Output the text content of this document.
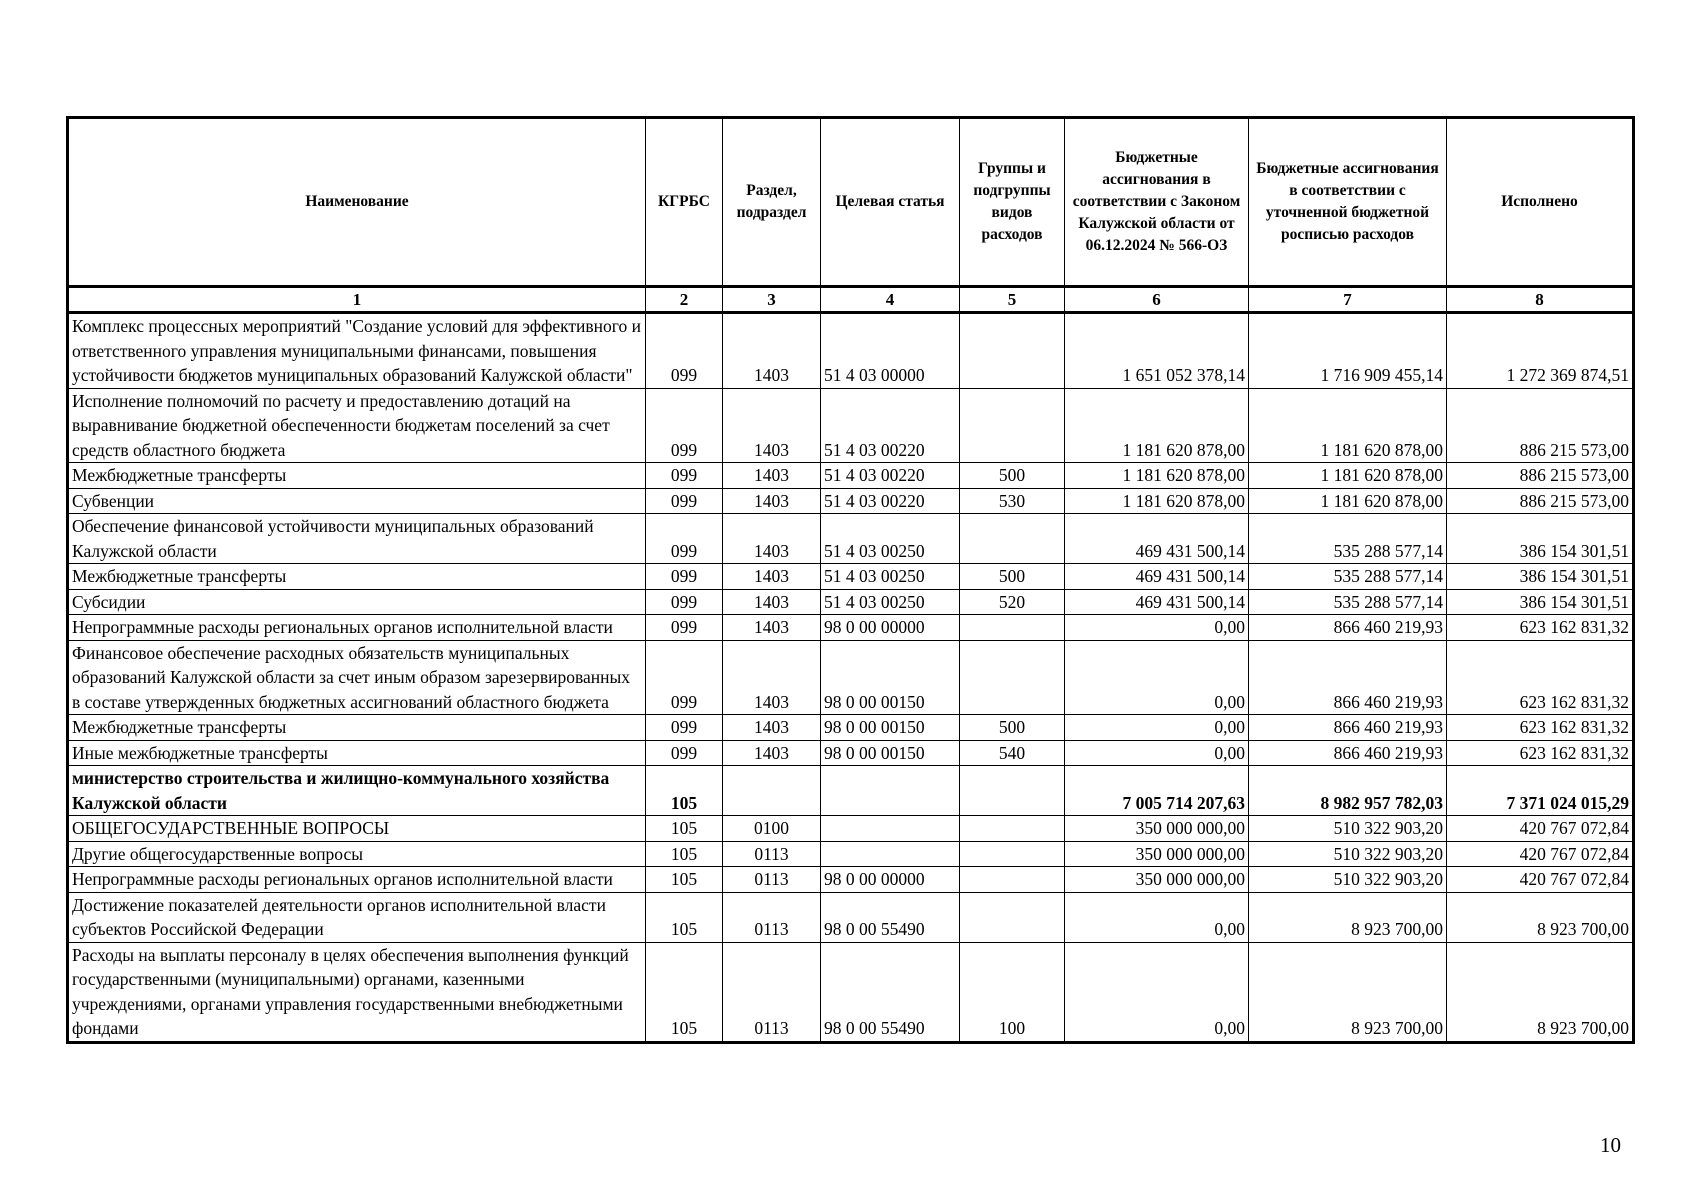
Наименование	КГРБС	Раздел, подраздел	Целевая статья	Группы и подгруппы видов расходов	Бюджетные ассигнования в соответствии с Законом Калужской области от 06.12.2024 № 566-ОЗ	Бюджетные ассигнования в соответствии с уточненной бюджетной росписью расходов	Исполнено
1	2	3	4	5	6	7	8
Комплекс процессных мероприятий "Создание условий для эффективного и ответственного управления муниципальными финансами, повышения устойчивости бюджетов муниципальных образований Калужской области"	099	1403	51 4 03 00000		1 651 052 378,14	1 716 909 455,14	1 272 369 874,51
Исполнение полномочий по расчету и предоставлению дотаций на выравнивание бюджетной обеспеченности бюджетам поселений за счет средств областного бюджета	099	1403	51 4 03 00220		1 181 620 878,00	1 181 620 878,00	886 215 573,00
Межбюджетные трансферты	099	1403	51 4 03 00220	500	1 181 620 878,00	1 181 620 878,00	886 215 573,00
Субвенции	099	1403	51 4 03 00220	530	1 181 620 878,00	1 181 620 878,00	886 215 573,00
Обеспечение финансовой устойчивости муниципальных образований Калужской области	099	1403	51 4 03 00250		469 431 500,14	535 288 577,14	386 154 301,51
Межбюджетные трансферты	099	1403	51 4 03 00250	500	469 431 500,14	535 288 577,14	386 154 301,51
Субсидии	099	1403	51 4 03 00250	520	469 431 500,14	535 288 577,14	386 154 301,51
Непрограммные расходы региональных органов исполнительной власти	099	1403	98 0 00 00000		0,00	866 460 219,93	623 162 831,32
Финансовое обеспечение расходных обязательств муниципальных образований Калужской области за счет иным образом зарезервированных в составе утвержденных бюджетных ассигнований областного бюджета	099	1403	98 0 00 00150		0,00	866 460 219,93	623 162 831,32
Межбюджетные трансферты	099	1403	98 0 00 00150	500	0,00	866 460 219,93	623 162 831,32
Иные межбюджетные трансферты	099	1403	98 0 00 00150	540	0,00	866 460 219,93	623 162 831,32
министерство строительства и жилищно-коммунального хозяйства Калужской области	105				7 005 714 207,63	8 982 957 782,03	7 371 024 015,29
ОБЩЕГОСУДАРСТВЕННЫЕ ВОПРОСЫ	105	0100			350 000 000,00	510 322 903,20	420 767 072,84
Другие общегосударственные вопросы	105	0113			350 000 000,00	510 322 903,20	420 767 072,84
Непрограммные расходы региональных органов исполнительной власти	105	0113	98 0 00 00000		350 000 000,00	510 322 903,20	420 767 072,84
Достижение показателей деятельности органов исполнительной власти субъектов Российской Федерации	105	0113	98 0 00 55490		0,00	8 923 700,00	8 923 700,00
Расходы на выплаты персоналу в целях обеспечения выполнения функций государственными (муниципальными) органами, казенными учреждениями, органами управления государственными внебюджетными фондами	105	0113	98 0 00 55490	100	0,00	8 923 700,00	8 923 700,00
10
